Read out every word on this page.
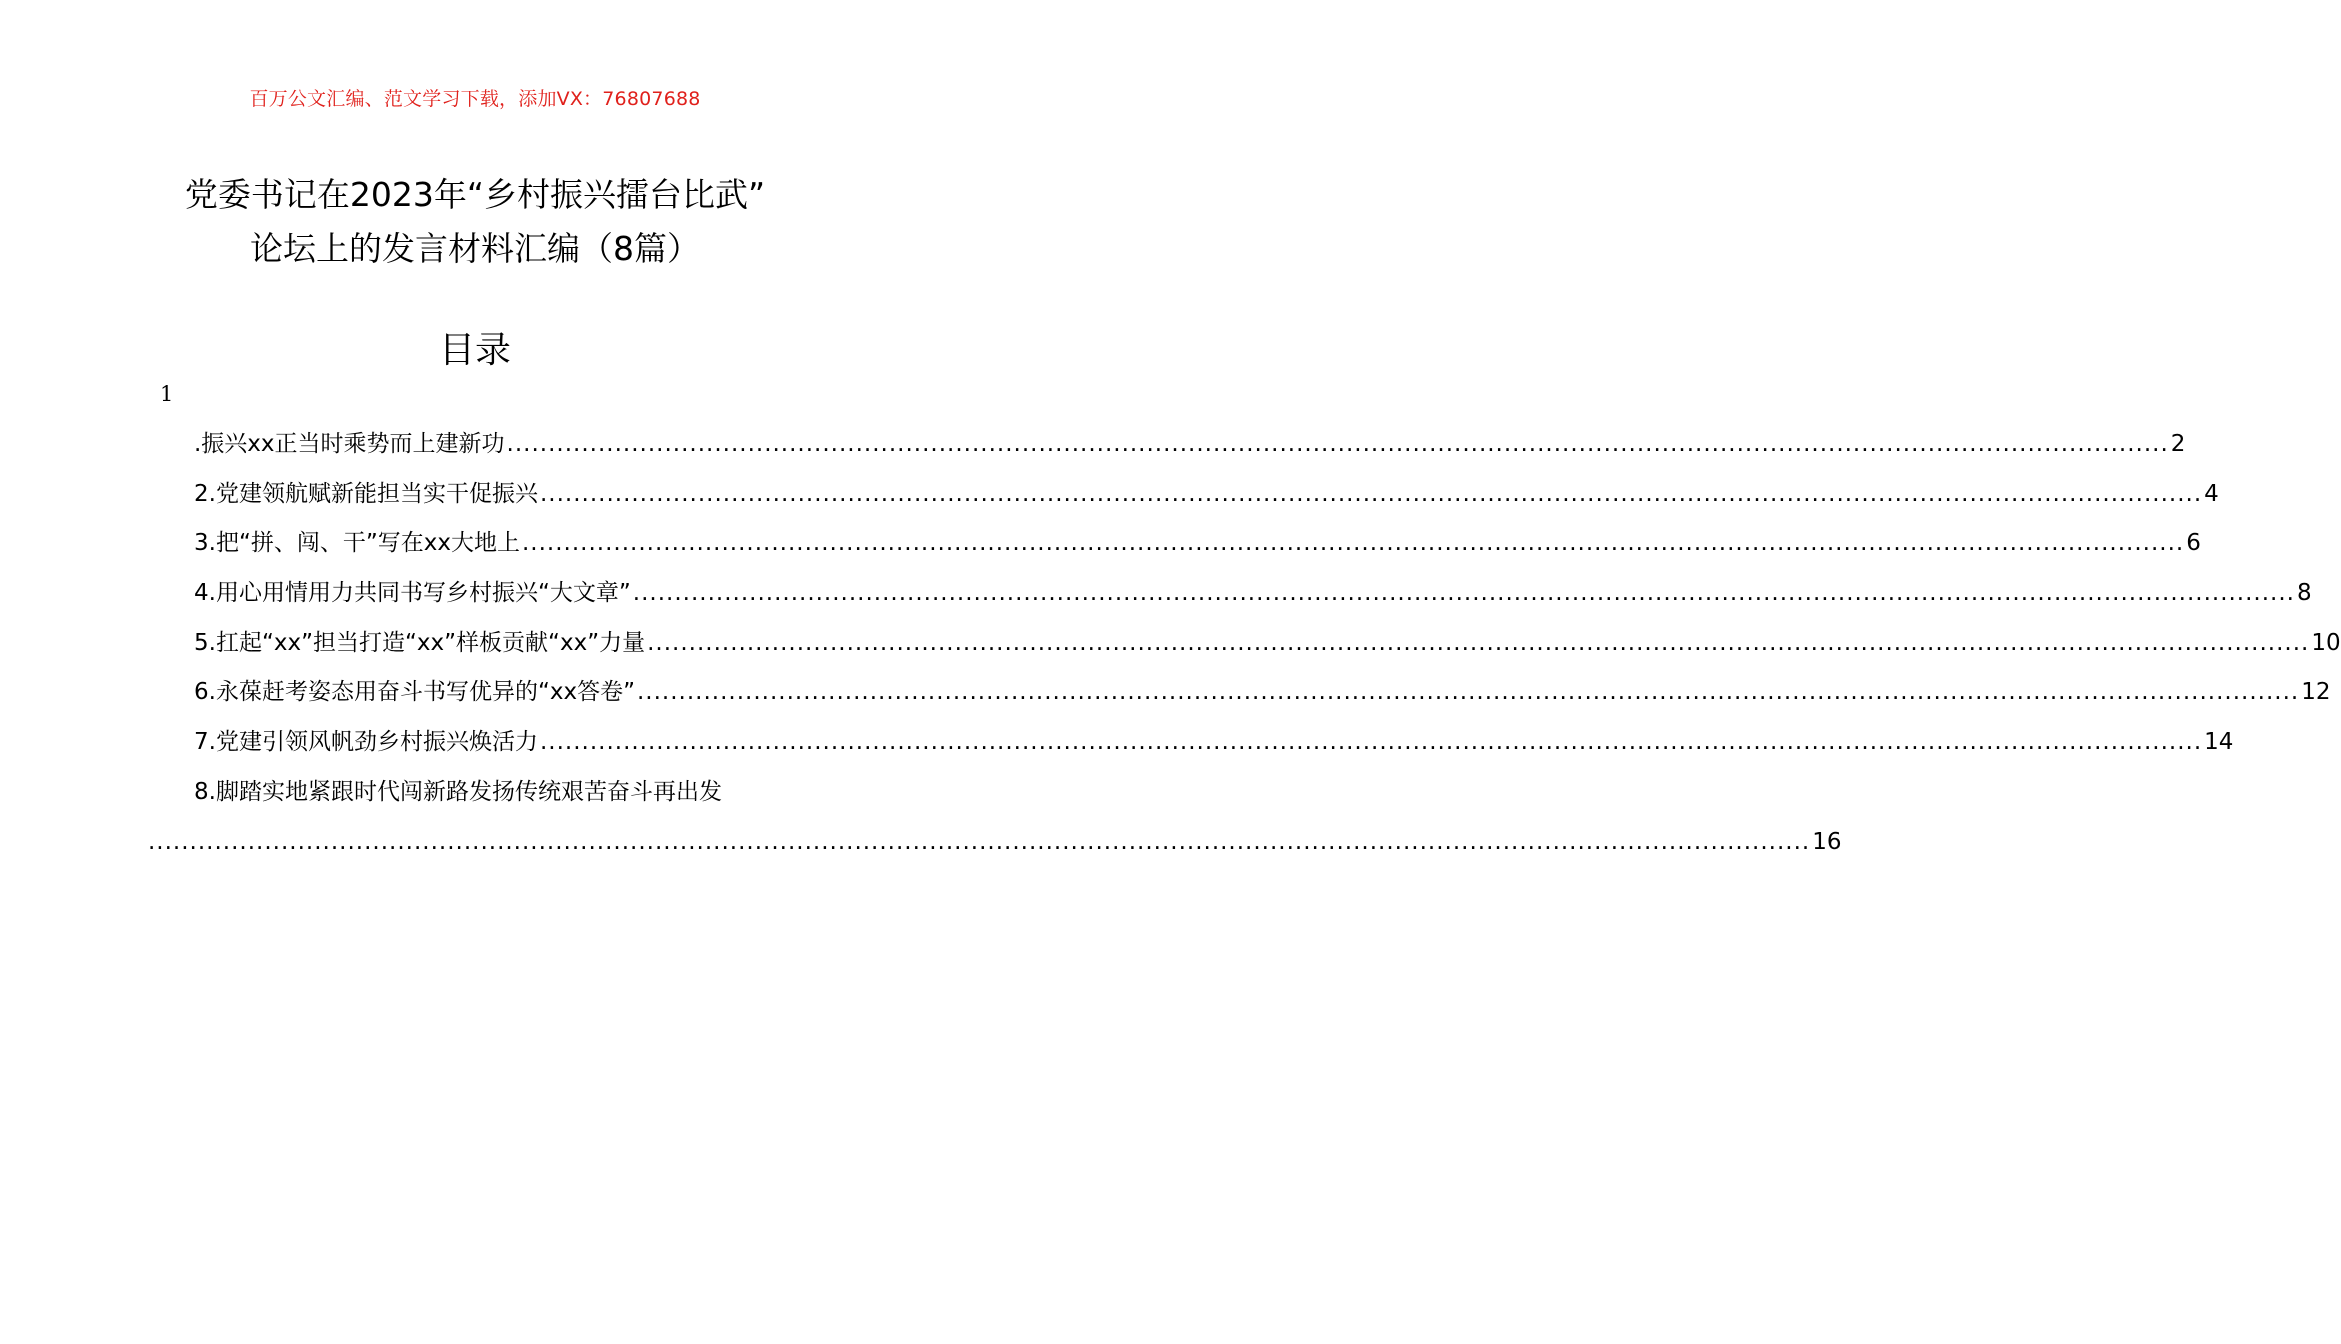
百万公文汇编、范文学习下载，添加VX：76807688
党委书记在2023年“乡村振兴擂台比武”
论坛上的发言材料汇编（8篇）
目录
1
.振兴xx正当时乘势而上建新功 ........................................................................................................................................................................................................ 2
2.党建领航赋新能担当实干促振兴 ........................................................................................................................................................................................................ 4
3.把“拼、闯、干”写在xx大地上 ........................................................................................................................................................................................................ 6
4.用心用情用力共同书写乡村振兴“大文章” ........................................................................................................................................................................................................ 8
5.扛起“xx”担当打造“xx”样板贡献“xx”力量 ........................................................................................................................................................................................................ 10
6.永葆赶考姿态用奋斗书写优异的“xx答卷” ........................................................................................................................................................................................................ 12
7.党建引领风帆劲乡村振兴焕活力 ........................................................................................................................................................................................................ 14
8.脚踏实地紧跟时代闯新路发扬传统艰苦奋斗再出发
........................................................................................................................................................................................................ 16
